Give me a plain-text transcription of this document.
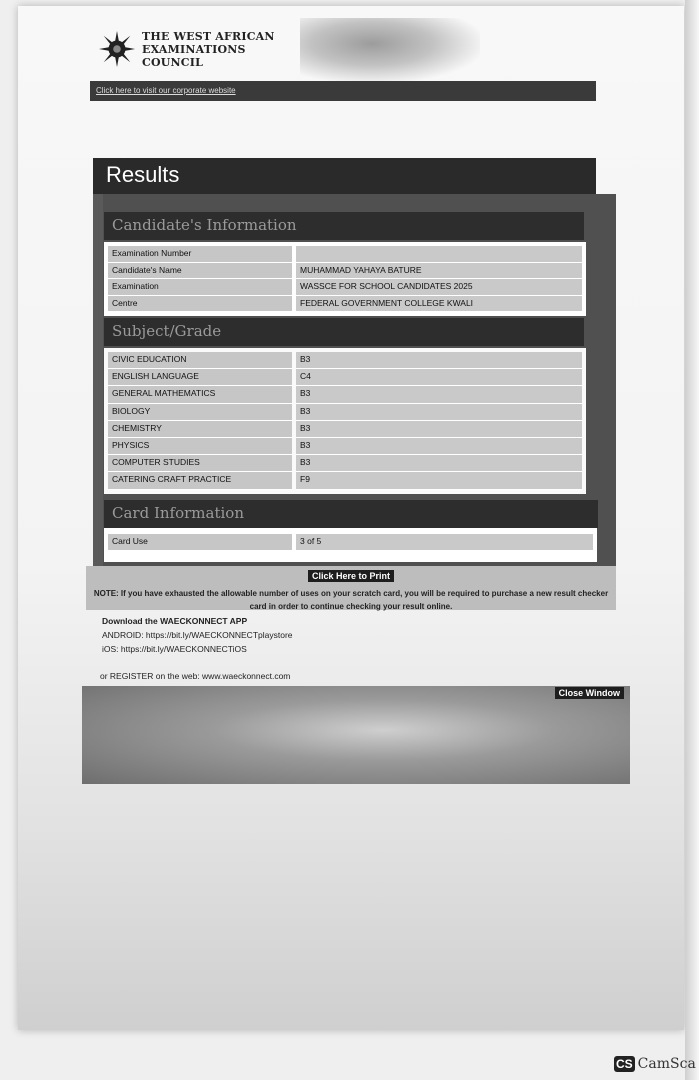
THE WEST AFRICAN
EXAMINATIONS COUNCIL
Click here to visit our corporate website
Results
Candidate's Information
Examination Number
Candidate's Name	MUHAMMAD YAHAYA BATURE
Examination	WASSCE FOR SCHOOL CANDIDATES 2025
Centre	FEDERAL GOVERNMENT COLLEGE KWALI
Subject/Grade
CIVIC EDUCATION	B3
ENGLISH LANGUAGE	C4
GENERAL MATHEMATICS	B3
BIOLOGY	B3
CHEMISTRY	B3
PHYSICS	B3
COMPUTER STUDIES	B3
CATERING CRAFT PRACTICE	F9
Card Information
Card Use	3 of 5
Click Here to Print
NOTE: If you have exhausted the allowable number of uses on your scratch card, you will be required to purchase a new result checker card in order to continue checking your result online.
Download the WAECKONNECT APP
ANDROID: https://bit.ly/WAECKONNECTplaystore
iOS: https://bit.ly/WAECKONNECTiOS
or REGISTER on the web: www.waeckonnect.com
Close Window
CS CamSca
